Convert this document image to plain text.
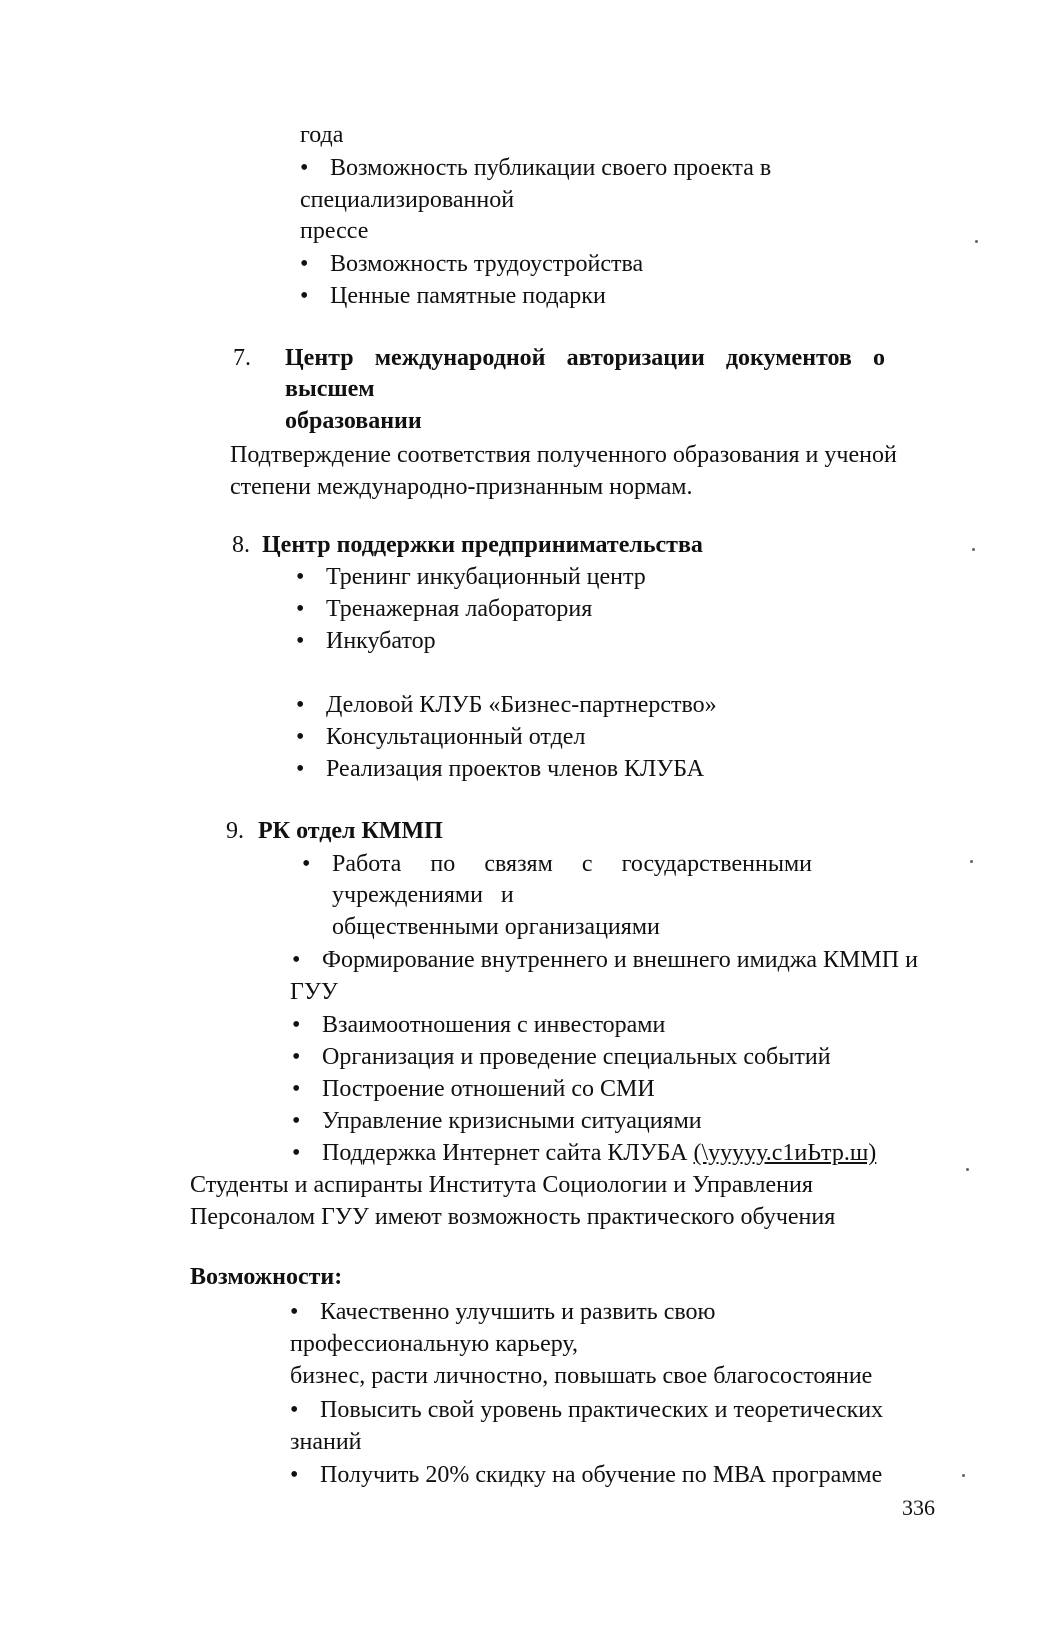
года
• Возможность публикации своего проекта в
специализированной
прессе
• Возможность трудоустройства
• Ценные памятные подарки
7. Центр международной авторизации документов о
высшем
образовании
Подтверждение соответствия полученного образования и ученой
степени международно-признанным нормам.
8. Центр поддержки предпринимательства
• Тренинг инкубационный центр
• Тренажерная лаборатория
• Инкубатор
• Деловой КЛУБ «Бизнес-партнерство»
• Консультационный отдел
• Реализация проектов членов КЛУБА
9. РК отдел КММП
• Работа по связям с государственными
учреждениями   и
общественными организациями
• Формирование внутреннего и внешнего имиджа КММП и
ГУУ
• Взаимоотношения с инвесторами
• Организация и проведение специальных событий
• Построение отношений со СМИ
• Управление кризисными ситуациями
• Поддержка Интернет сайта КЛУБА (\ууууу.с1иЬтр.ш)
Студенты и аспиранты Института Социологии и Управления
Персоналом ГУУ имеют возможность практического обучения
Возможности:
• Качественно улучшить и развить свою
профессиональную карьеру,
бизнес, расти личностно, повышать свое благосостояние
• Повысить свой уровень практических и теоретических
знаний
• Получить 20% скидку на обучение по МВА программе
336
